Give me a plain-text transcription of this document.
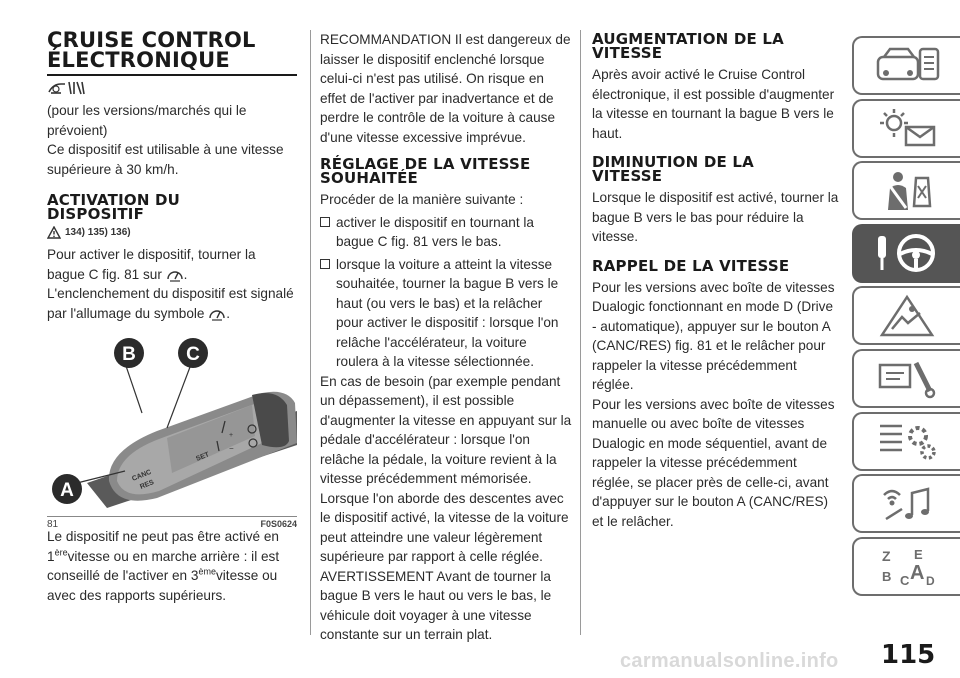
CRUISE CONTROL
ÉLECTRONIQUE
(pour les versions/marchés qui le prévoient)
Ce dispositif est utilisable à une vitesse supérieure à 30 km/h.
ACTIVATION DU
DISPOSITIF
134) 135) 136)
Pour activer le dispositif, tourner la bague C fig. 81 sur .
L'enclenchement du dispositif est signalé par l'allumage du symbole .
CANC
RES
SET
+
−
B	C
A
81	F0S0624
Le dispositif ne peut pas être activé en 1èrevitesse ou en marche arrière : il est conseillé de l'activer en 3èmevitesse ou avec des rapports supérieurs.
RECOMMANDATION Il est dangereux de laisser le dispositif enclenché lorsque celui-ci n'est pas utilisé. On risque en effet de l'activer par inadvertance et de perdre le contrôle de la voiture à cause d'une vitesse excessive imprévue.
RÉGLAGE DE LA VITESSE
SOUHAITÉE
Procéder de la manière suivante :
activer le dispositif en tournant la bague C fig. 81 vers le bas.
lorsque la voiture a atteint la vitesse souhaitée, tourner la bague B vers le haut (ou vers le bas) et la relâcher pour activer le dispositif : lorsque l'on relâche l'accélérateur, la voiture roulera à la vitesse sélectionnée.
En cas de besoin (par exemple pendant un dépassement), il est possible d'augmenter la vitesse en appuyant sur la pédale d'accélérateur : lorsque l'on relâche la pédale, la voiture revient à la vitesse précédemment mémorisée.
Lorsque l'on aborde des descentes avec le dispositif activé, la vitesse de la voiture peut atteindre une valeur légèrement supérieure par rapport à celle réglée.
AVERTISSEMENT Avant de tourner la bague B vers le haut ou vers le bas, le véhicule doit voyager à une vitesse constante sur un terrain plat.
AUGMENTATION DE LA
VITESSE
Après avoir activé le Cruise Control électronique, il est possible d'augmenter la vitesse en tournant la bague B vers le haut.
DIMINUTION DE LA
VITESSE
Lorsque le dispositif est activé, tourner la bague B vers le bas pour réduire la vitesse.
RAPPEL DE LA VITESSE
Pour les versions avec boîte de vitesses Dualogic fonctionnant en mode D (Drive - automatique), appuyer sur le bouton A (CANC/RES) fig. 81 et le relâcher pour rappeler la vitesse précédemment réglée.
Pour les versions avec boîte de vitesses manuelle ou avec boîte de vitesses Dualogic en mode séquentiel, avant de rappeler la vitesse précédemment réglée, se placer près de celle-ci, avant d'appuyer sur le bouton A (CANC/RES) et le relâcher.
Z E
B C A D
115
carmanualsonline.info
